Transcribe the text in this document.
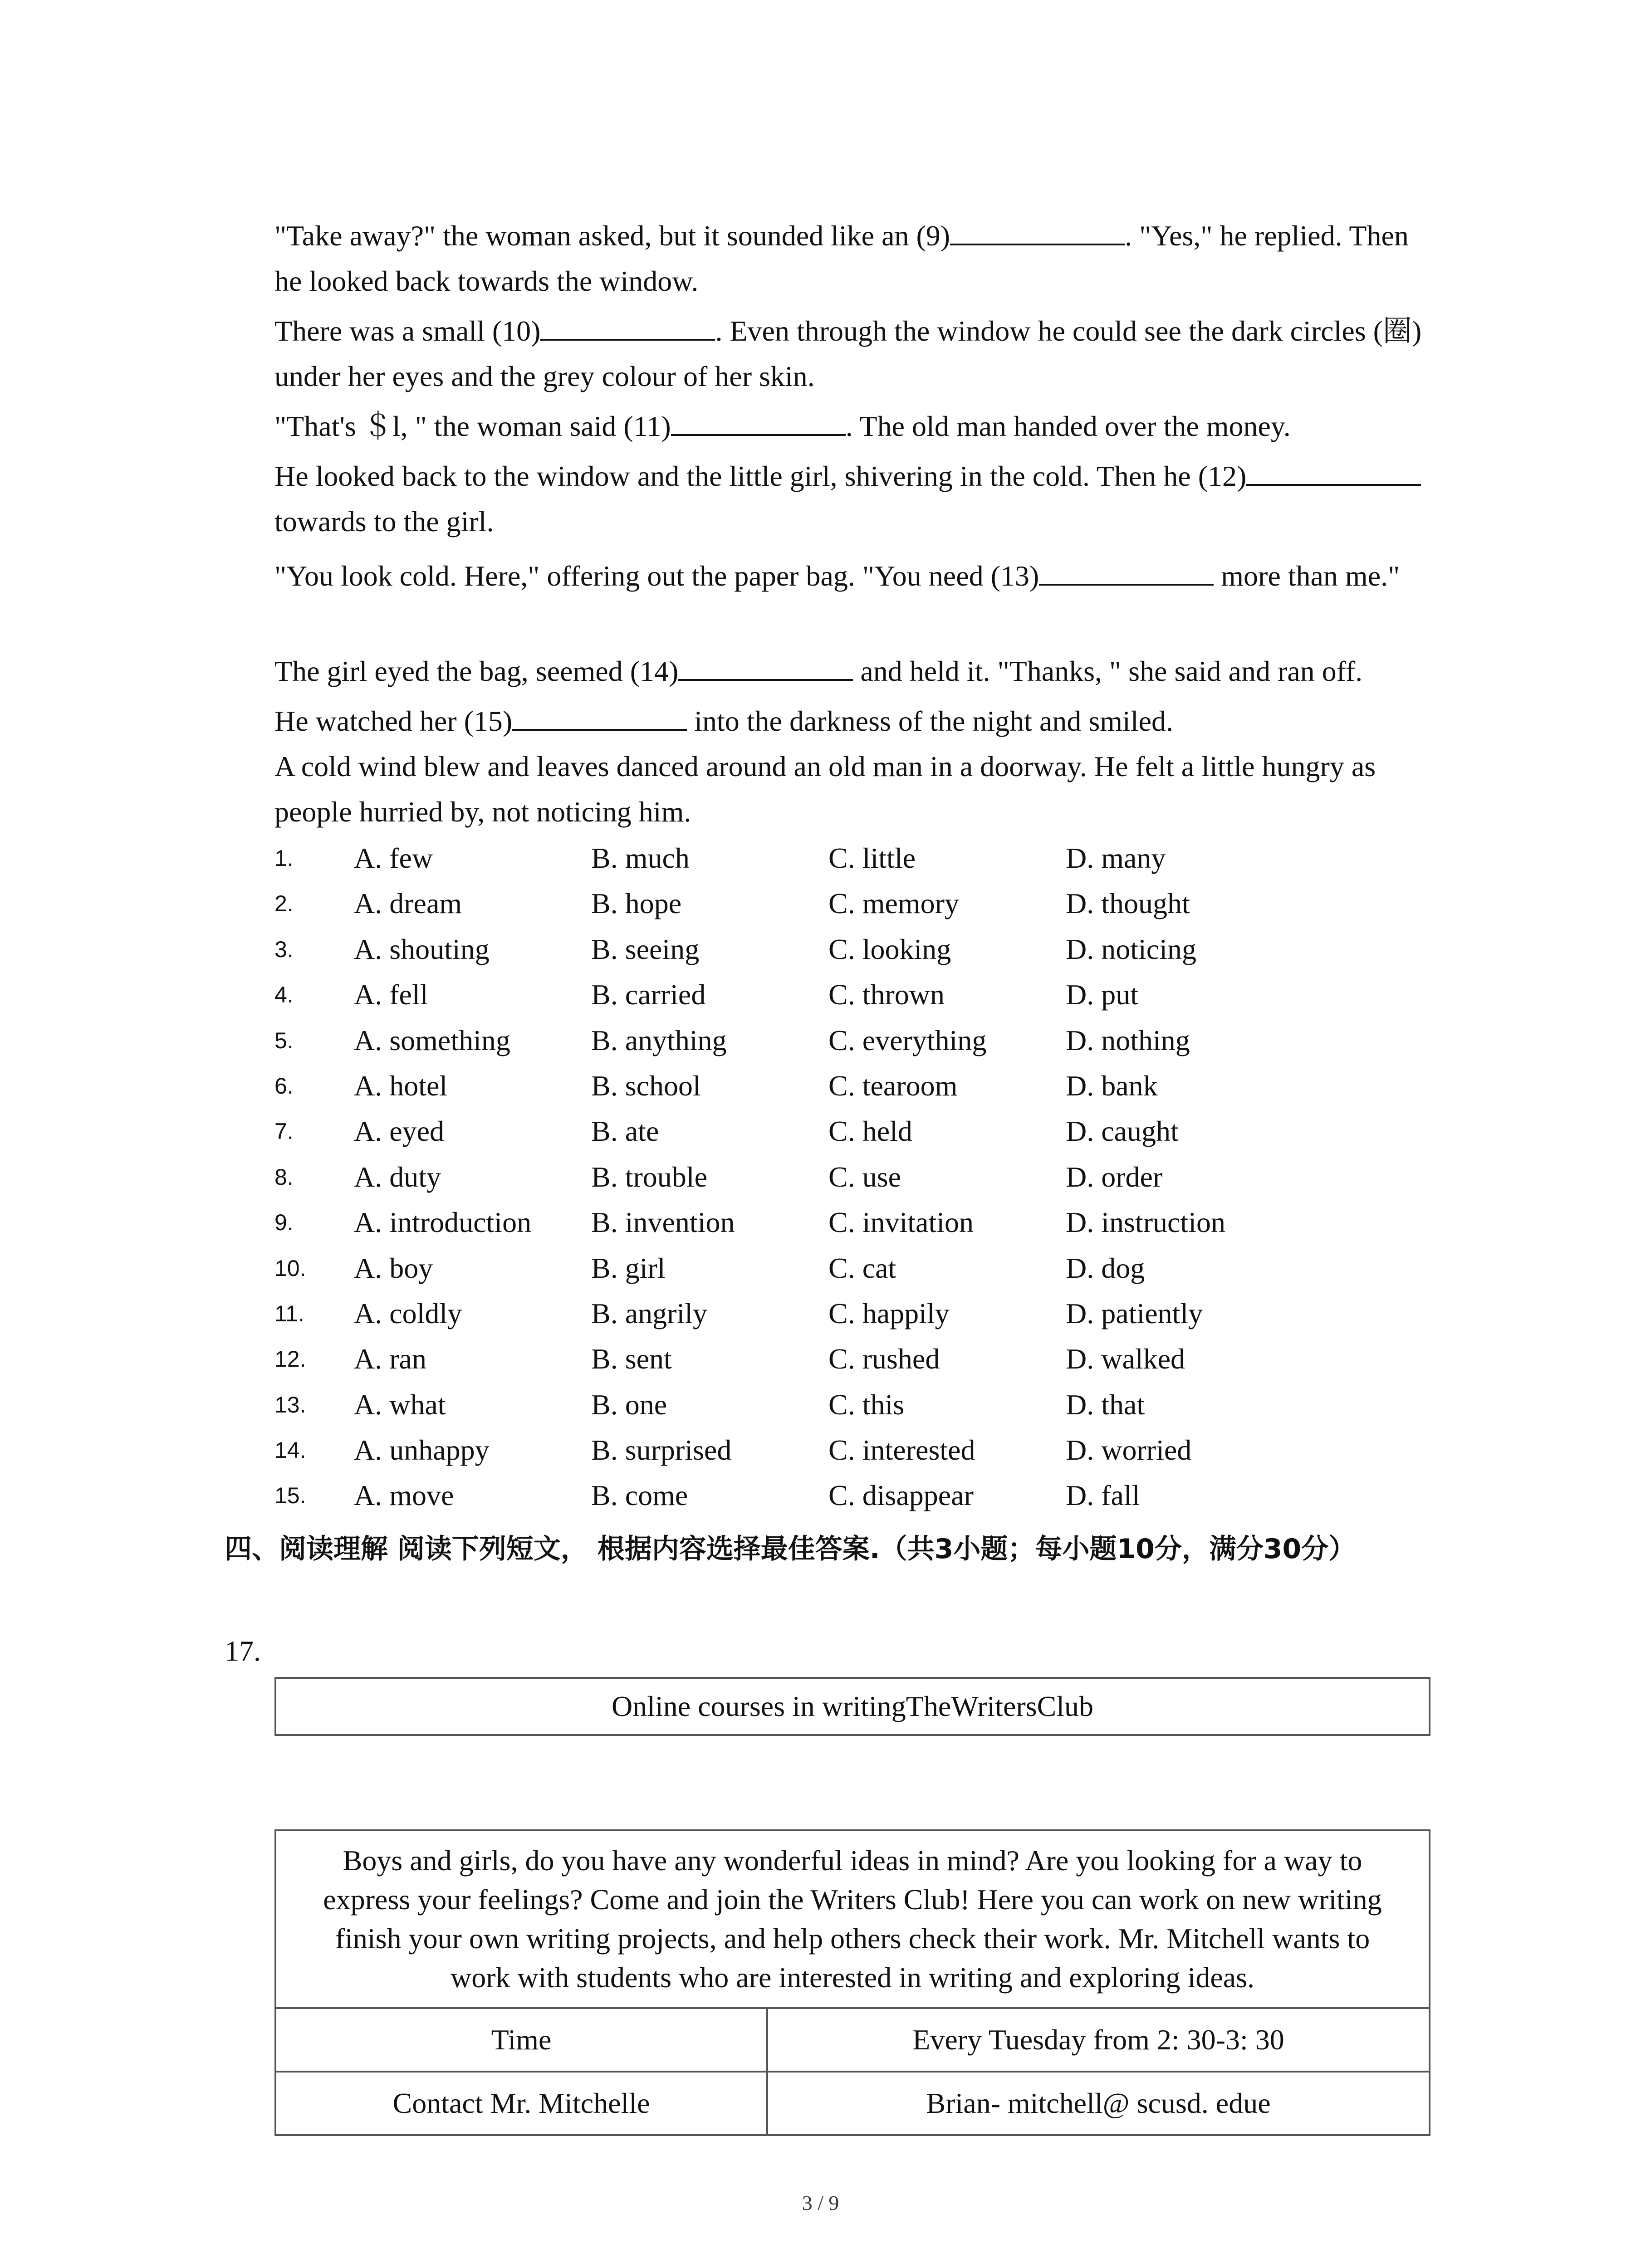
"Take away?" the woman asked, but it sounded like an (9)	. "Yes," he replied. Then he looked back towards the window.
There was a small (10)	. Even through the window he could see the dark circles (圈) under her eyes and the grey colour of her skin.
"That's ＄l, " the woman said (11)	. The old man handed over the money.
He looked back to the window and the little girl, shivering in the cold. Then he (12)	towards to the girl.
"You look cold. Here," offering out the paper bag. "You need (13)	more than me."
The girl eyed the bag, seemed (14)	and held it. "Thanks, " she said and ran off.
He watched her (15)	into the darkness of the night and smiled.
A cold wind blew and leaves danced around an old man in a doorway. He felt a little hungry as people hurried by, not noticing him.
1. A. few	B. much	C. little	D. many
2. A. dream	B. hope	C. memory	D. thought
3. A. shouting	B. seeing	C. looking	D. noticing
4. A. fell	B. carried	C. thrown	D. put
5. A. something	B. anything	C. everything	D. nothing
6. A. hotel	B. school	C. tearoom	D. bank
7. A. eyed	B. ate	C. held	D. caught
8. A. duty	B. trouble	C. use	D. order
9. A. introduction B. invention	C. invitation	D. instruction
10. A. boy	B. girl	C. cat	D. dog
11. A. coldly	B. angrily	C. happily	D. patiently
12. A. ran	B. sent	C. rushed	D. walked
13. A. what	B. one	C. this	D. that
14. A. unhappy	B. surprised	C. interested	D. worried
15. A. move	B. come	C. disappear	D. fall
四、阅读理解 阅读下列短文， 根据内容选择最佳答案.（共3小题；每小题10分，满分30分）
17.
Online courses in writingTheWritersClub
Boys and girls, do you have any wonderful ideas in mind? Are you looking for a way to express your feelings? Come and join the Writers Club! Here you can work on new writing finish your own writing projects, and help others check their work. Mr. Mitchell wants to work with students who are interested in writing and exploring ideas.	
Time	Every Tuesday from 2: 30-3: 30
Contact Mr. Mitchelle	Brian- mitchell@ scusd. edue
3 / 9
